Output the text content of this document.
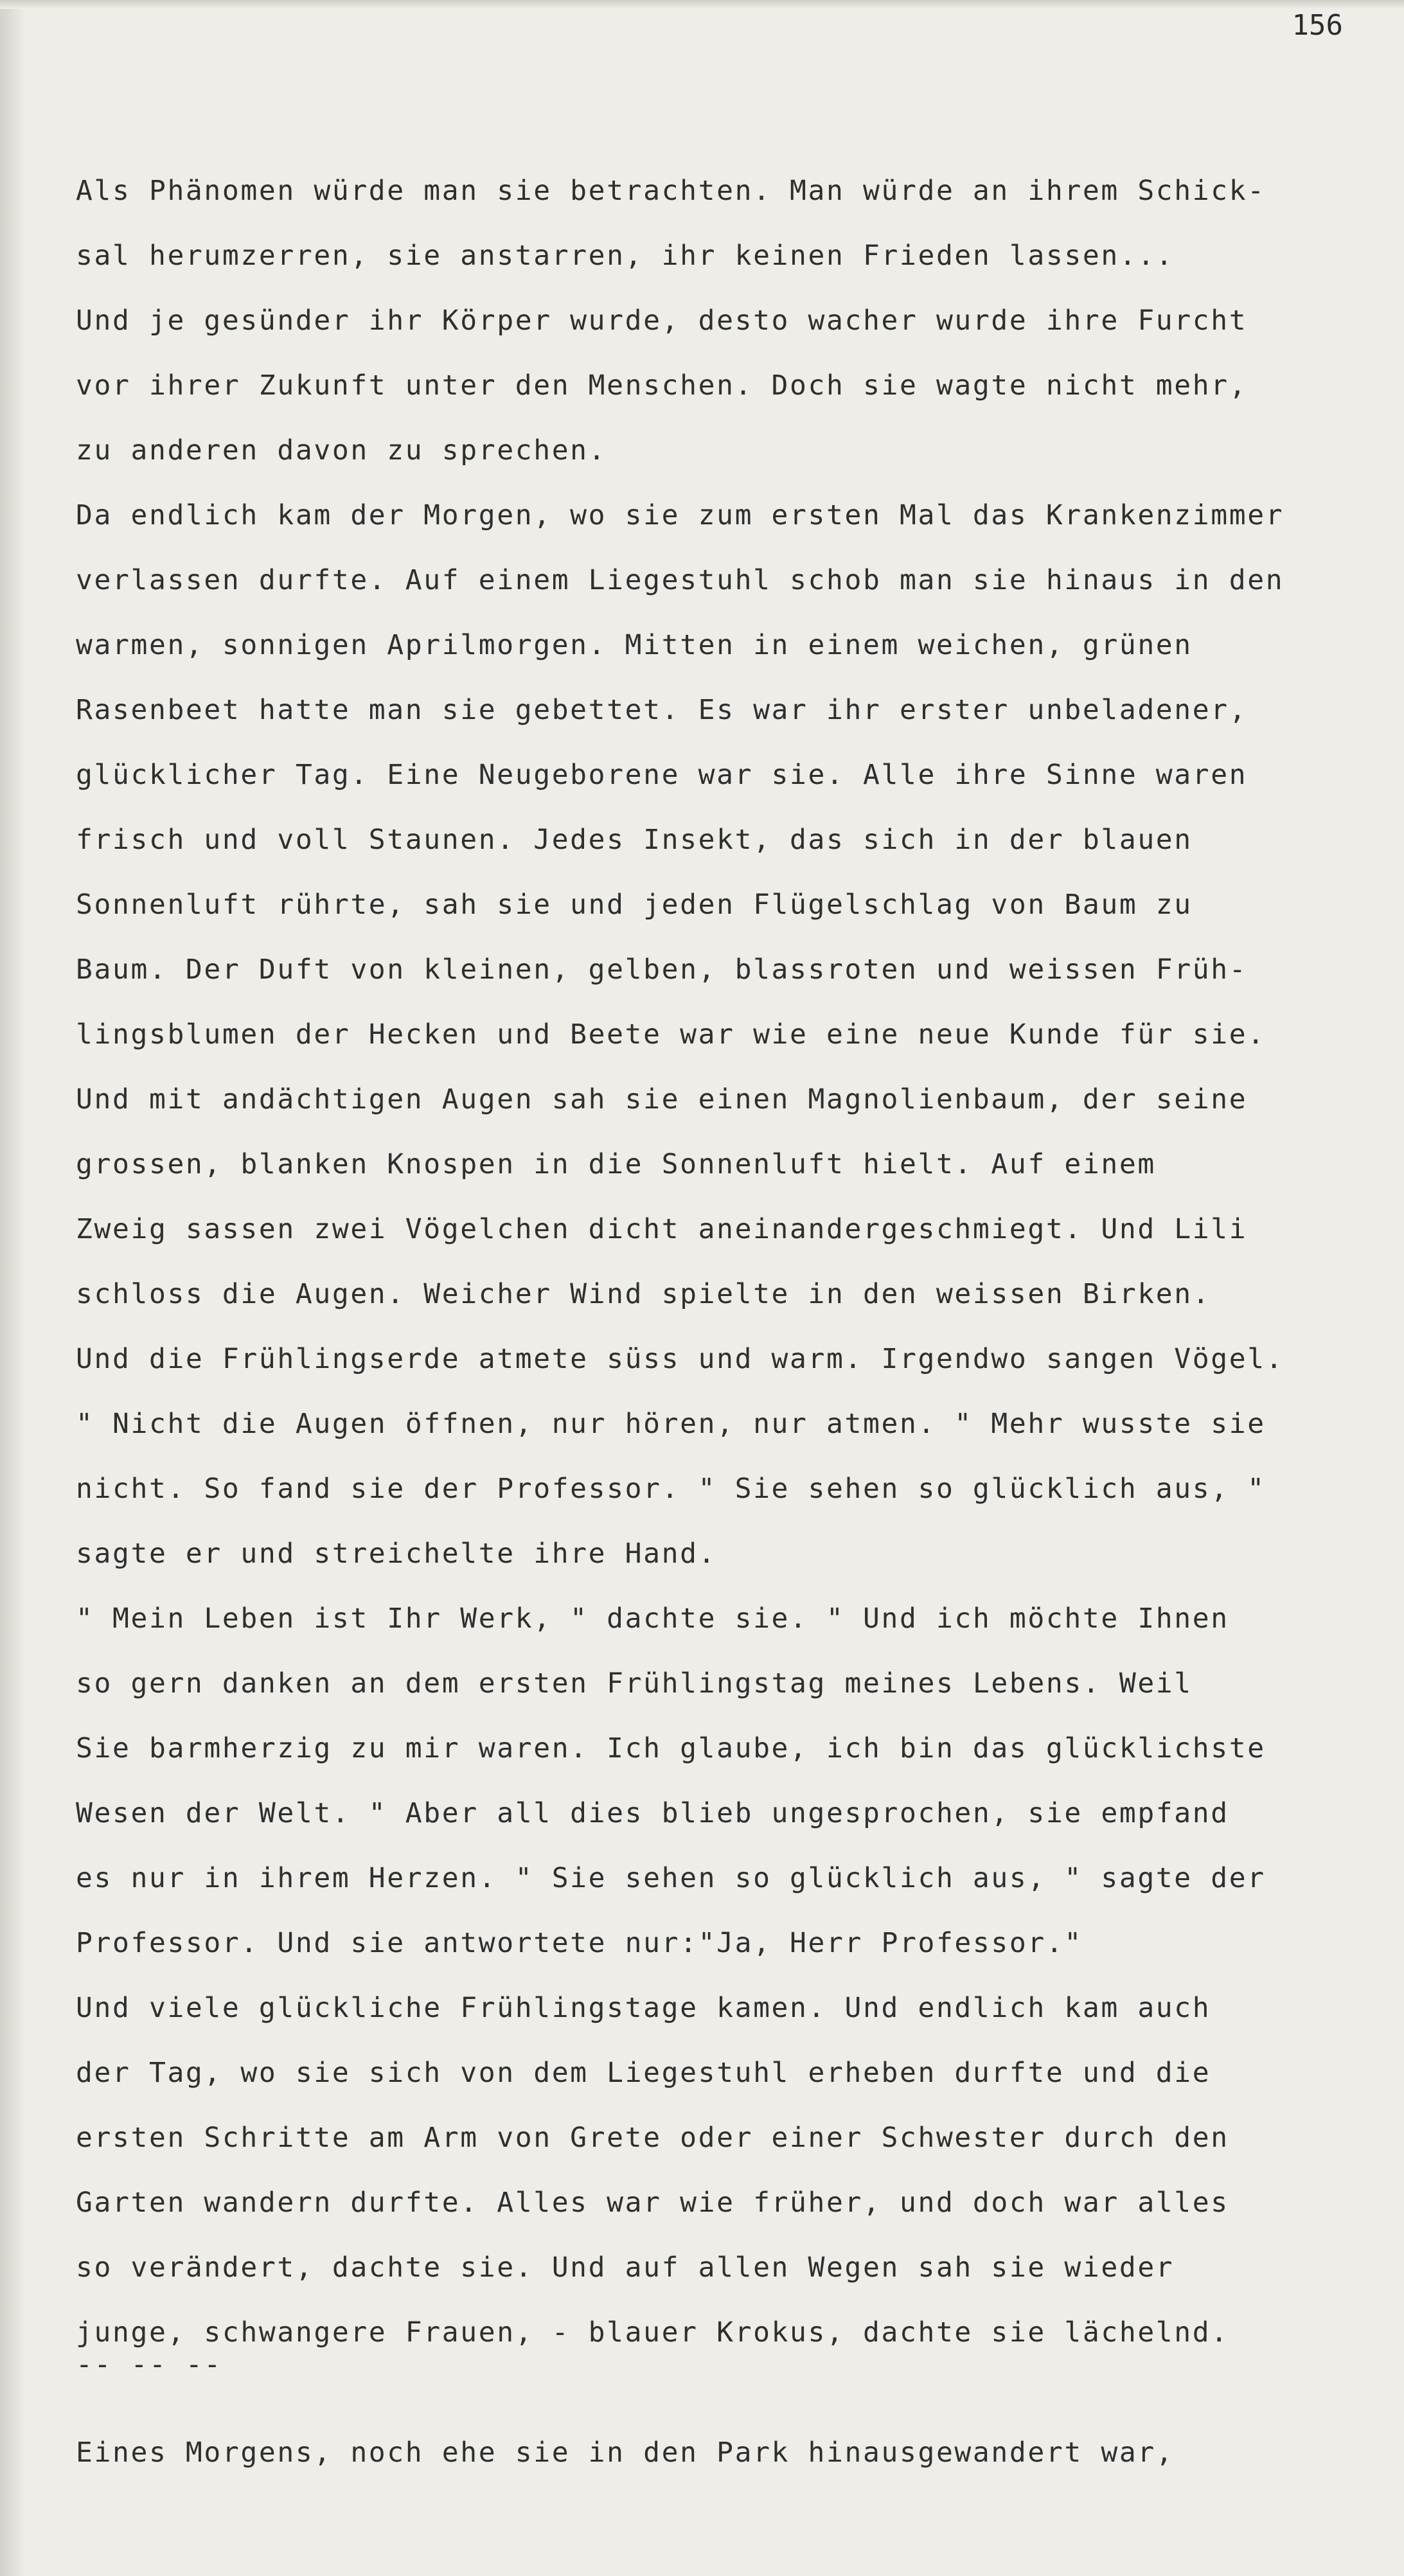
156
Als Phänomen würde man sie betrachten. Man würde an ihrem Schick-
sal herumzerren, sie anstarren, ihr keinen Frieden lassen...
Und je gesünder ihr Körper wurde, desto wacher wurde ihre Furcht
vor ihrer Zukunft unter den Menschen. Doch sie wagte nicht mehr,
zu anderen davon zu sprechen.
Da endlich kam der Morgen, wo sie zum ersten Mal das Krankenzimmer
verlassen durfte. Auf einem Liegestuhl schob man sie hinaus in den
warmen, sonnigen Aprilmorgen. Mitten in einem weichen, grünen
Rasenbeet hatte man sie gebettet. Es war ihr erster unbeladener,
glücklicher Tag. Eine Neugeborene war sie. Alle ihre Sinne waren
frisch und voll Staunen. Jedes Insekt, das sich in der blauen
Sonnenluft rührte, sah sie und jeden Flügelschlag von Baum zu
Baum. Der Duft von kleinen, gelben, blassroten und weissen Früh-
lingsblumen der Hecken und Beete war wie eine neue Kunde für sie.
Und mit andächtigen Augen sah sie einen Magnolienbaum, der seine
grossen, blanken Knospen in die Sonnenluft hielt. Auf einem
Zweig sassen zwei Vögelchen dicht aneinandergeschmiegt. Und Lili
schloss die Augen. Weicher Wind spielte in den weissen Birken.
Und die Frühlingserde atmete süss und warm. Irgendwo sangen Vögel.
" Nicht die Augen öffnen, nur hören, nur atmen. " Mehr wusste sie
nicht. So fand sie der Professor. " Sie sehen so glücklich aus, "
sagte er und streichelte ihre Hand.
" Mein Leben ist Ihr Werk, " dachte sie. " Und ich möchte Ihnen
so gern danken an dem ersten Frühlingstag meines Lebens. Weil
Sie barmherzig zu mir waren. Ich glaube, ich bin das glücklichste
Wesen der Welt. " Aber all dies blieb ungesprochen, sie empfand
es nur in ihrem Herzen. " Sie sehen so glücklich aus, " sagte der
Professor. Und sie antwortete nur:"Ja, Herr Professor."
Und viele glückliche Frühlingstage kamen. Und endlich kam auch
der Tag, wo sie sich von dem Liegestuhl erheben durfte und die
ersten Schritte am Arm von Grete oder einer Schwester durch den
Garten wandern durfte. Alles war wie früher, und doch war alles
so verändert, dachte sie. Und auf allen Wegen sah sie wieder
junge, schwangere Frauen, - blauer Krokus, dachte sie lächelnd.
-- -- --
Eines Morgens, noch ehe sie in den Park hinausgewandert war,
